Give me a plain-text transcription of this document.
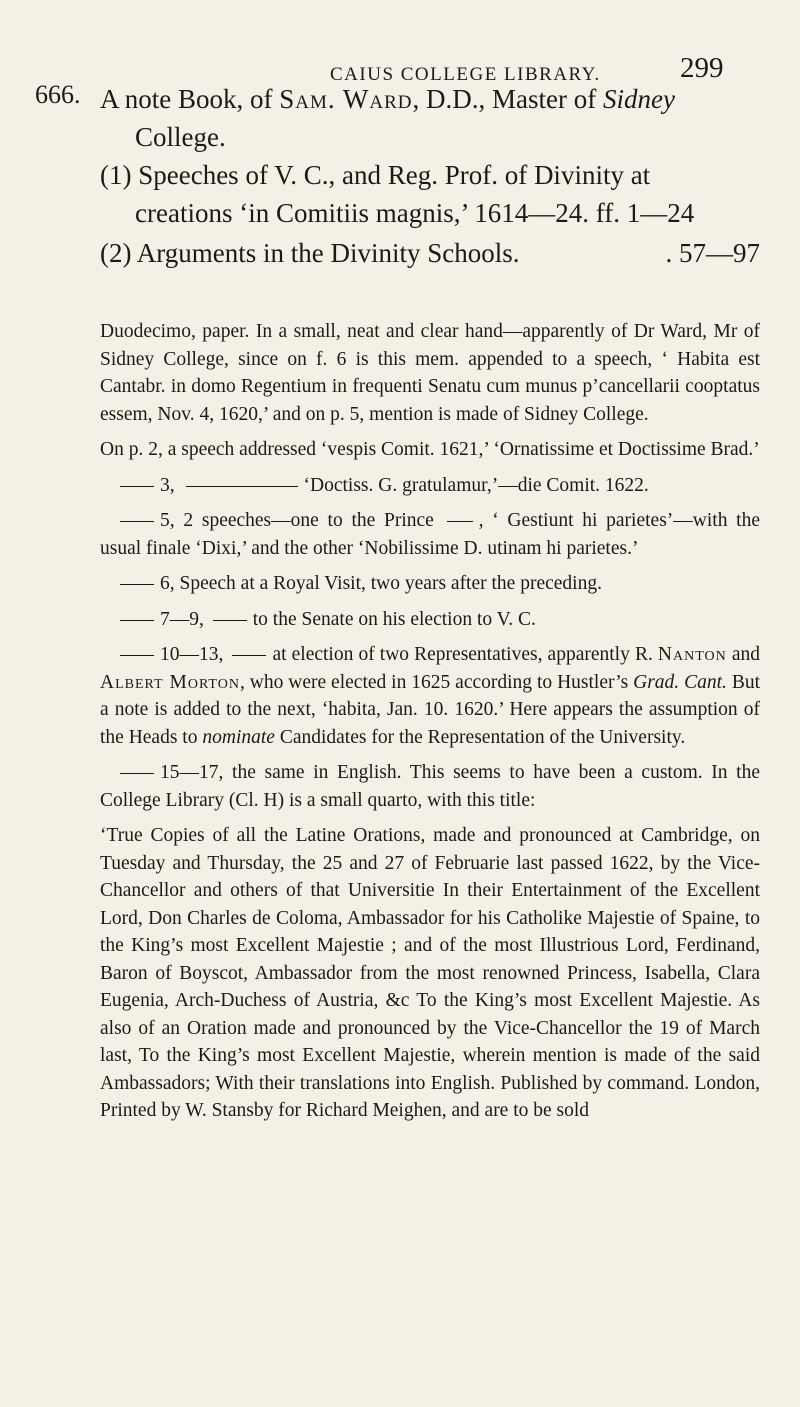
CAIUS COLLEGE LIBRARY.	299
666. A note Book, of Sam. Ward, D.D., Master of Sidney
College.
(1) Speeches of V. C., and Reg. Prof. of Divinity at
creations ‘in Comitiis magnis,’ 1614—24. ff. 1—24
(2) Arguments in the Divinity Schools.	. 57—97

Duodecimo, paper. In a small, neat and clear hand—apparently of Dr Ward, Mr of Sidney College, since on f. 6 is this mem. appended to a speech, ‘ Habita est Cantabr. in domo Regentium in frequenti Senatu cum munus p’cancellarii cooptatus essem, Nov. 4, 1620,’ and on p. 5, mention is made of Sidney College.

On p. 2, a speech addressed ‘vespis Comit. 1621,’ ‘Ornatissime et Doctissime Brad.’

3,	‘Doctiss. G. gratulamur,’—die Comit. 1622.

5, 2 speeches—one to the Prince , ‘ Gestiunt hi parietes’—with the usual finale ‘Dixi,’ and the other ‘Nobilissime D. utinam hi parietes.’

6, Speech at a Royal Visit, two years after the preceding.

7—9,	to the Senate on his election to V. C.

10—13,	at election of two Representatives, apparently R. Nanton and Albert Morton, who were elected in 1625 according to Hustler’s Grad. Cant. But a note is added to the next, ‘habita, Jan. 10. 1620.’ Here appears the assumption of the Heads to nominate Candidates for the Representation of the University.

15—17, the same in English. This seems to have been a custom. In the College Library (Cl. H) is a small quarto, with this title:

‘True Copies of all the Latine Orations, made and pronounced at Cambridge, on Tuesday and Thursday, the 25 and 27 of Februarie last passed 1622, by the Vice-Chancellor and others of that Universitie In their Entertainment of the Excellent Lord, Don Charles de Coloma, Ambassador for his Catholike Majestie of Spaine, to the King’s most Excellent Majestie ; and of the most Illustrious Lord, Ferdinand, Baron of Boyscot, Ambassador from the most renowned Princess, Isabella, Clara Eugenia, Arch-Duchess of Austria, &c To the King’s most Excellent Majestie. As also of an Oration made and pronounced by the Vice-Chancellor the 19 of March last, To the King’s most Excellent Majestie, wherein mention is made of the said Ambassadors; With their translations into English. Published by command. London, Printed by W. Stansby for Richard Meighen, and are to be sold
